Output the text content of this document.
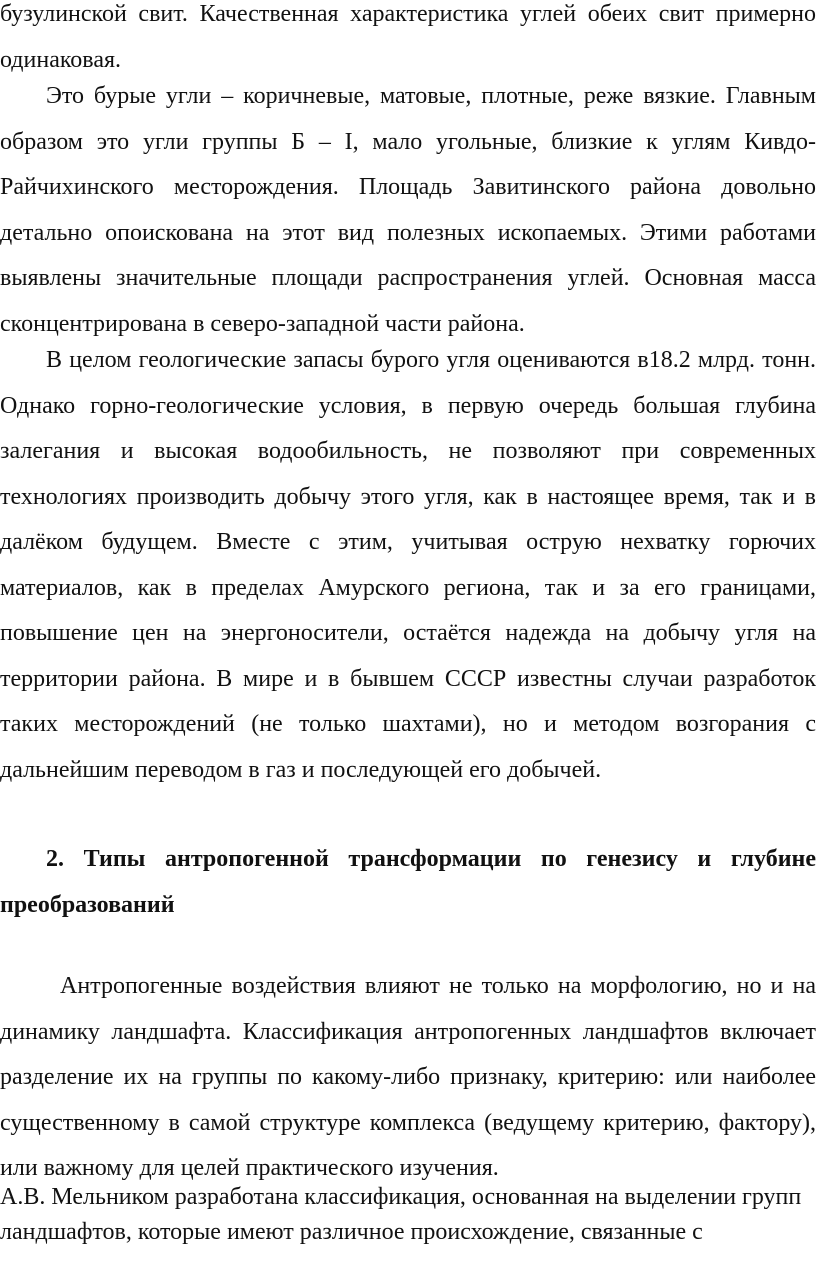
бузулинской свит. Качественная характеристика углей обеих свит примерно одинаковая.

Это бурые угли – коричневые, матовые, плотные, реже вязкие. Главным образом это угли группы Б – I, мало угольные, близкие к углям Кивдо-Райчихинского месторождения. Площадь Завитинского района довольно детально опоискована на этот вид полезных ископаемых. Этими работами выявлены значительные площади распространения углей. Основная масса сконцентрирована в северо-западной части района.

В целом геологические запасы бурого угля оцениваются в18.2 млрд. тонн. Однако горно-геологические условия, в первую очередь большая глубина залегания и высокая водообильность, не позволяют при современных технологиях производить добычу этого угля, как в настоящее время, так и в далёком будущем. Вместе с этим, учитывая острую нехватку горючих материалов, как в пределах Амурского региона, так и за его границами, повышение цен на энергоносители, остаётся надежда на добычу угля на территории района. В мире и в бывшем СССР известны случаи разработок таких месторождений (не только шахтами), но и методом возгорания с дальнейшим переводом в газ и последующей его добычей.

2. Типы антропогенной трансформации по генезису и глубине преобразований

Антропогенные воздействия влияют не только на морфологию, но и на динамику ландшафта. Классификация антропогенных ландшафтов включает разделение их на группы по какому-либо признаку, критерию: или наиболее существенному в самой структуре комплекса (ведущему критерию, фактору), или важному для целей практического изучения.

А.В. Мельником разработана классификация, основанная на выделении групп ландшафтов, которые имеют различное происхождение, связанные с
